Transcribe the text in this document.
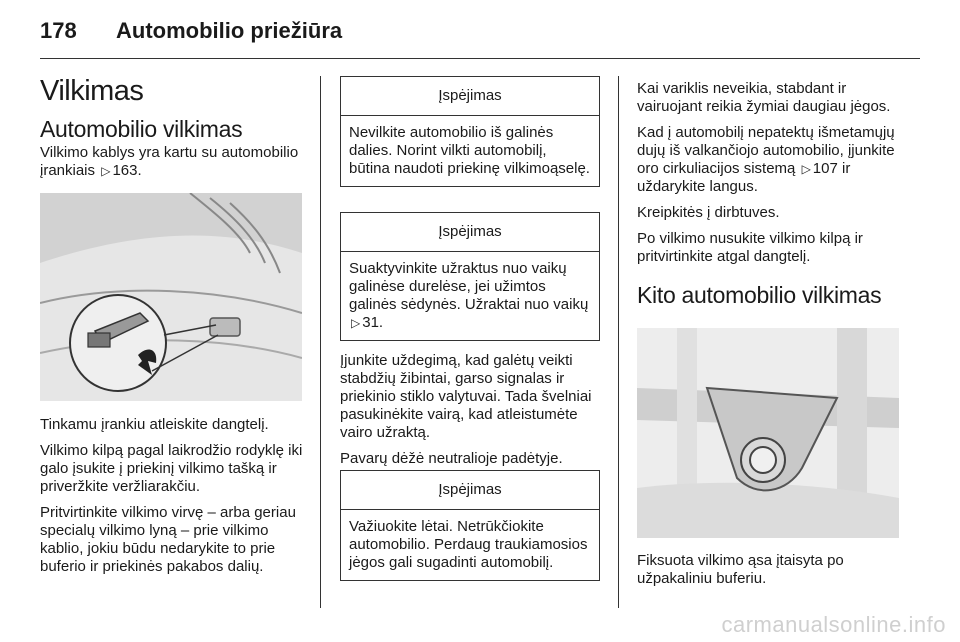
178 Automobilio priežiūra
Vilkimas
Automobilio vilkimas

Vilkimo kablys yra kartu su automobilio įrankiais ▷ 163.

Tinkamu įrankiu atleiskite dangtelį.

Vilkimo kilpą pagal laikrodžio rodyklę iki galo įsukite į priekinį vilkimo tašką ir priveržkite veržliarakčiu.

Pritvirtinkite vilkimo virvę – arba geriau specialų vilkimo lyną – prie vilkimo kablio, jokiu būdu nedarykite to prie buferio ir priekinės pakabos dalių.

Įspėjimas
Nevilkite automobilio iš galinės dalies. Norint vilkti automobilį, būtina naudoti priekinę vilkimoąselę.
Įspėjimas
Suaktyvinkite užraktus nuo vaikų galinėse durelėse, jei užimtos galinės sėdynės. Užraktai nuo vaikų ▷ 31.

Įjunkite uždegimą, kad galėtų veikti stabdžių žibintai, garso signalas ir priekinio stiklo valytuvai. Tada švelniai pasukinėkite vairą, kad atleistumėte vairo užraktą.

Pavarų dėžė neutralioje padėtyje.

Įspėjimas
Važiuokite lėtai. Netrūkčiokite automobilio. Perdaug traukiamosios jėgos gali sugadinti automobilį.

Kai variklis neveikia, stabdant ir vairuojant reikia žymiai daugiau jėgos.

Kad į automobilį nepatektų išmetamųjų dujų iš valkančiojo automobilio, įjunkite oro cirkuliacijos sistemą ▷ 107 ir uždarykite langus.

Kreipkitės į dirbtuves.

Po vilkimo nusukite vilkimo kilpą ir pritvirtinkite atgal dangtelį.

Kito automobilio vilkimas

Fiksuota vilkimo ąsa įtaisyta po užpakaliniu buferiu.

carmanualsonline.info
